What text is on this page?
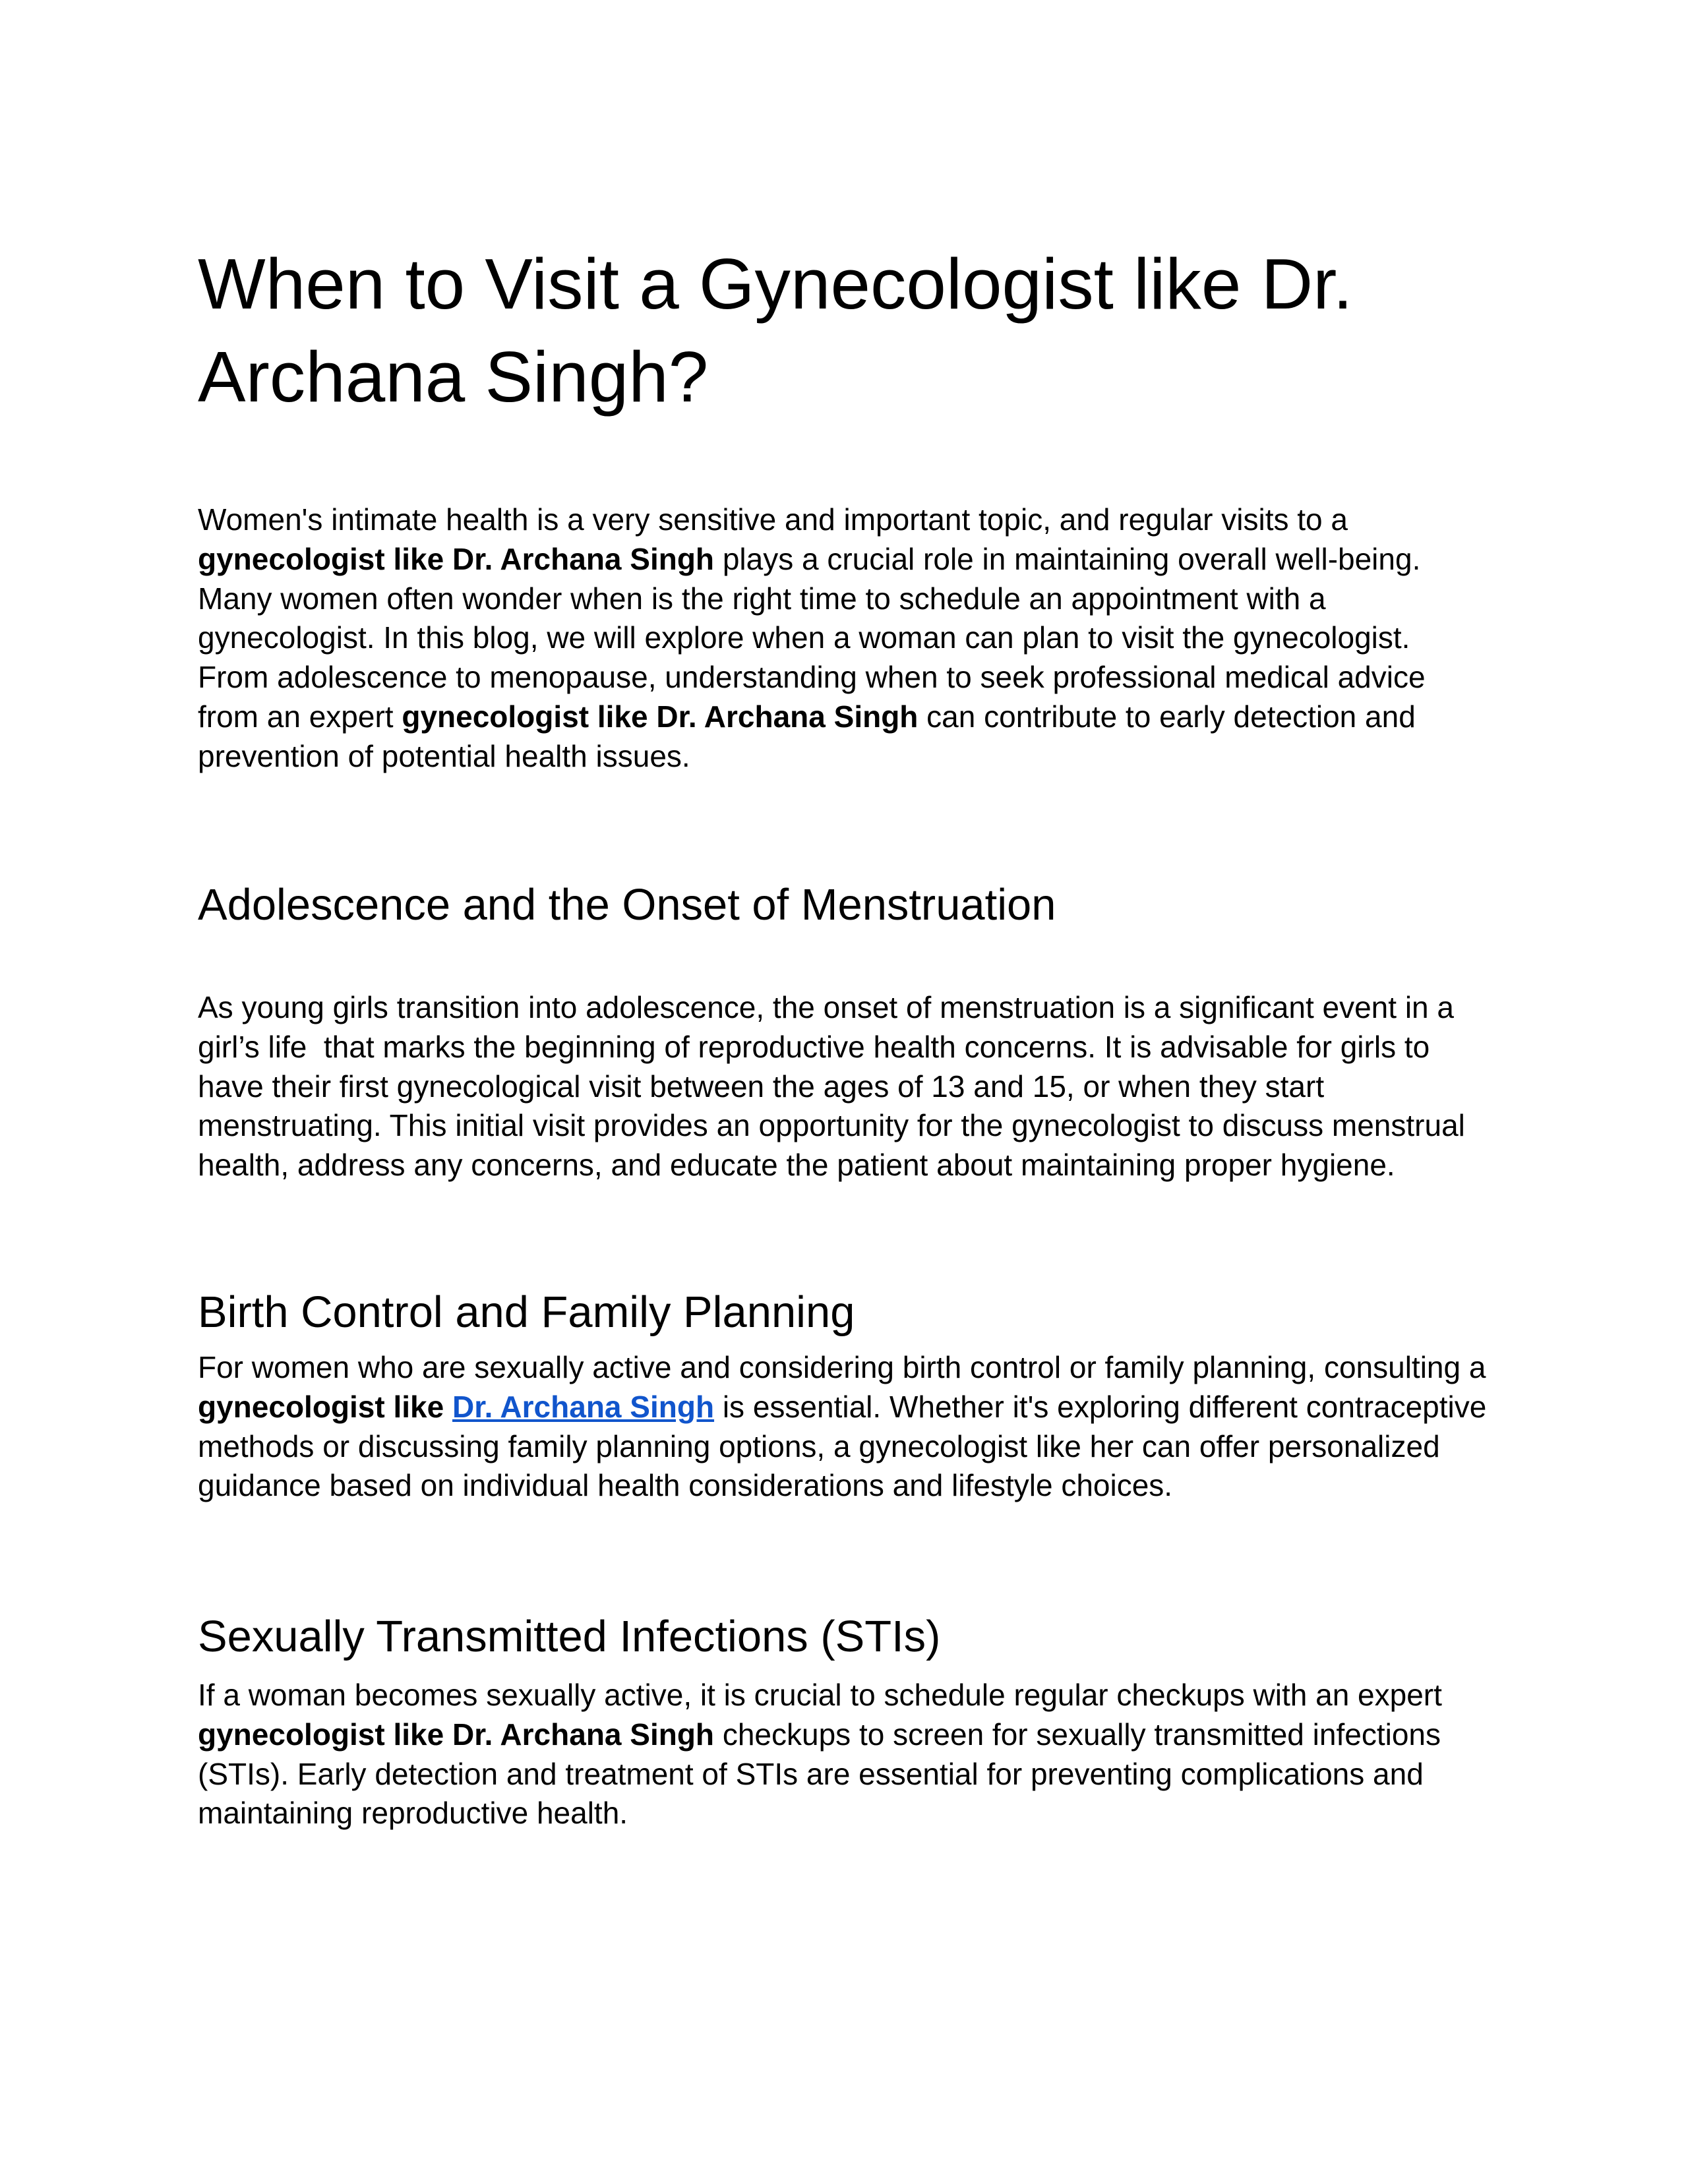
When to Visit a Gynecologist like Dr. Archana Singh?

Women's intimate health is a very sensitive and important topic, and regular visits to a gynecologist like Dr. Archana Singh plays a crucial role in maintaining overall well-being. Many women often wonder when is the right time to schedule an appointment with a gynecologist. In this blog, we will explore when a woman can plan to visit the gynecologist. From adolescence to menopause, understanding when to seek professional medical advice from an expert gynecologist like Dr. Archana Singh can contribute to early detection and prevention of potential health issues.

Adolescence and the Onset of Menstruation

As young girls transition into adolescence, the onset of menstruation is a significant event in a girl’s life  that marks the beginning of reproductive health concerns. It is advisable for girls to have their first gynecological visit between the ages of 13 and 15, or when they start menstruating. This initial visit provides an opportunity for the gynecologist to discuss menstrual health, address any concerns, and educate the patient about maintaining proper hygiene.

Birth Control and Family Planning

For women who are sexually active and considering birth control or family planning, consulting a gynecologist like Dr. Archana Singh is essential. Whether it's exploring different contraceptive methods or discussing family planning options, a gynecologist like her can offer personalized guidance based on individual health considerations and lifestyle choices.

Sexually Transmitted Infections (STIs)

If a woman becomes sexually active, it is crucial to schedule regular checkups with an expert gynecologist like Dr. Archana Singh checkups to screen for sexually transmitted infections (STIs). Early detection and treatment of STIs are essential for preventing complications and maintaining reproductive health.
